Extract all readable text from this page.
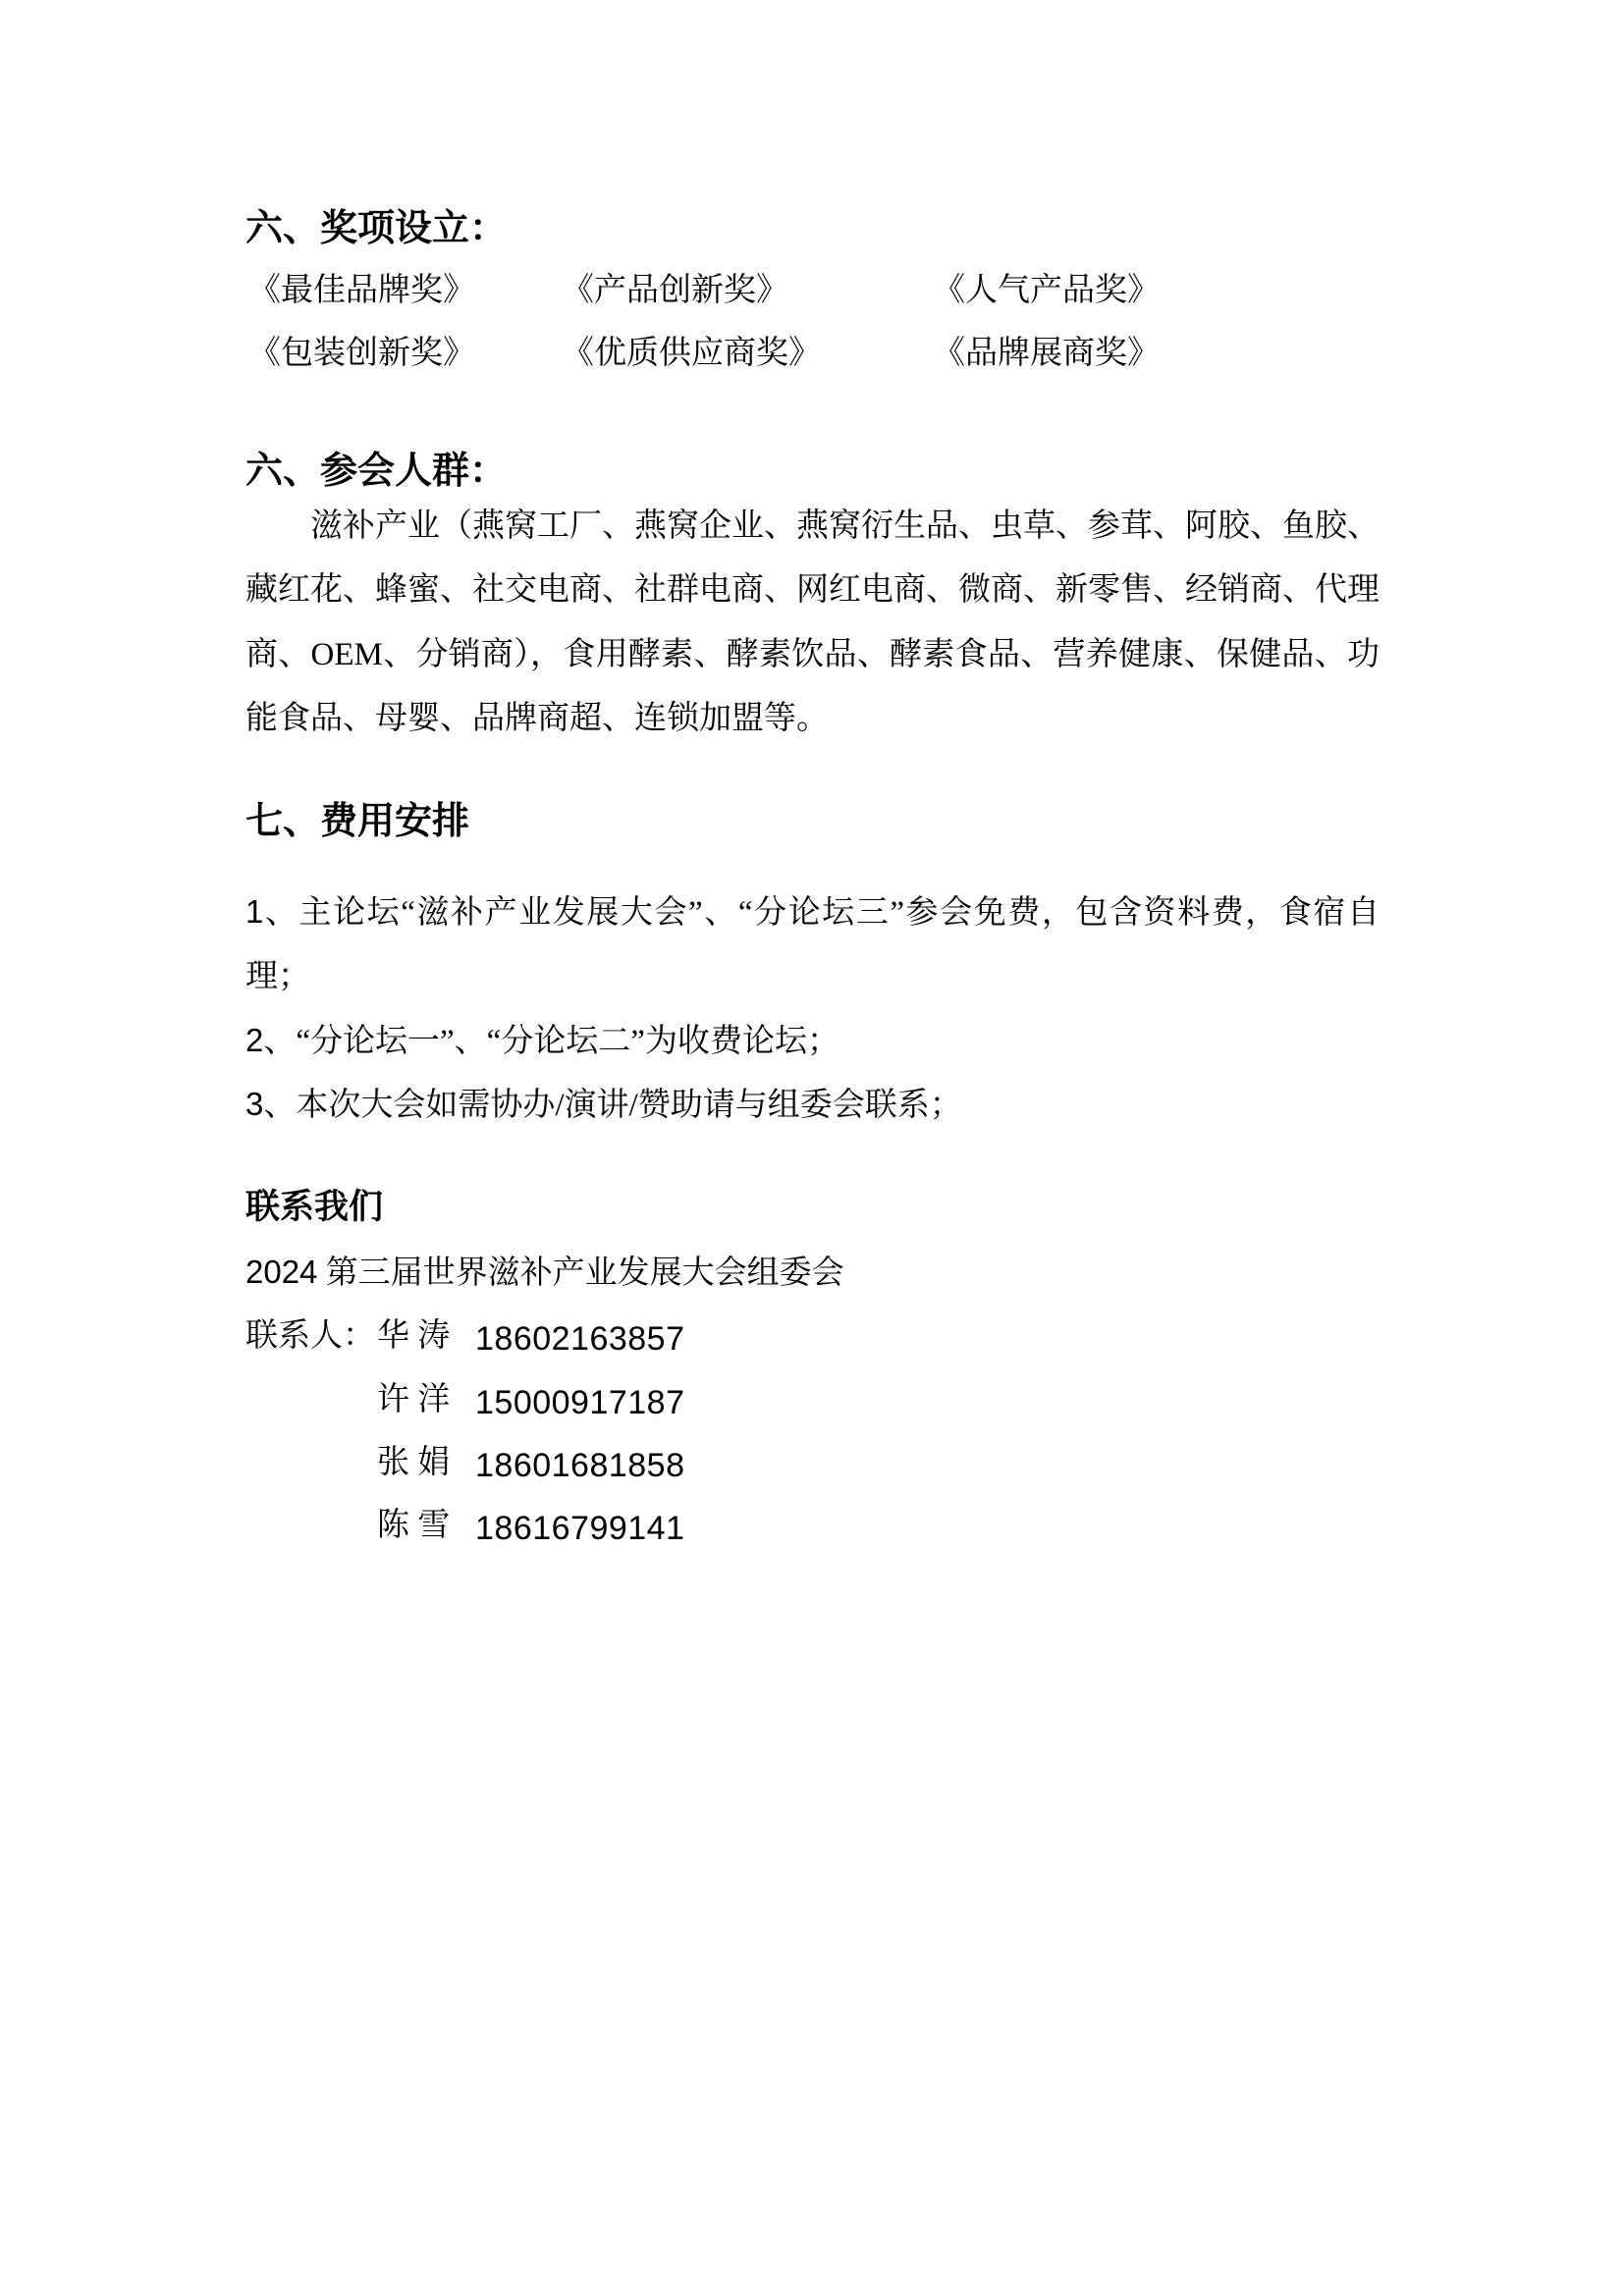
六、奖项设立：
《最佳品牌奖》	《产品创新奖》	《人气产品奖》
《包装创新奖》	《优质供应商奖》	《品牌展商奖》
六、参会人群：

滋补产业（燕窝工厂、燕窝企业、燕窝衍生品、虫草、参茸、阿胶、鱼胶、藏红花、蜂蜜、社交电商、社群电商、网红电商、微商、新零售、经销商、代理商、OEM、分销商），食用酵素、酵素饮品、酵素食品、营养健康、保健品、功能食品、母婴、品牌商超、连锁加盟等。

七、费用安排

1、主论坛“滋补产业发展大会”、“分论坛三”参会免费，包含资料费，食宿自理；

2、“分论坛一”、“分论坛二”为收费论坛；

3、本次大会如需协办/演讲/赞助请与组委会联系；

联系我们
2024 第三届世界滋补产业发展大会组委会
联系人： 华 涛 18602163857
许 洋 15000917187
张 娟 18601681858
陈 雪 18616799141
